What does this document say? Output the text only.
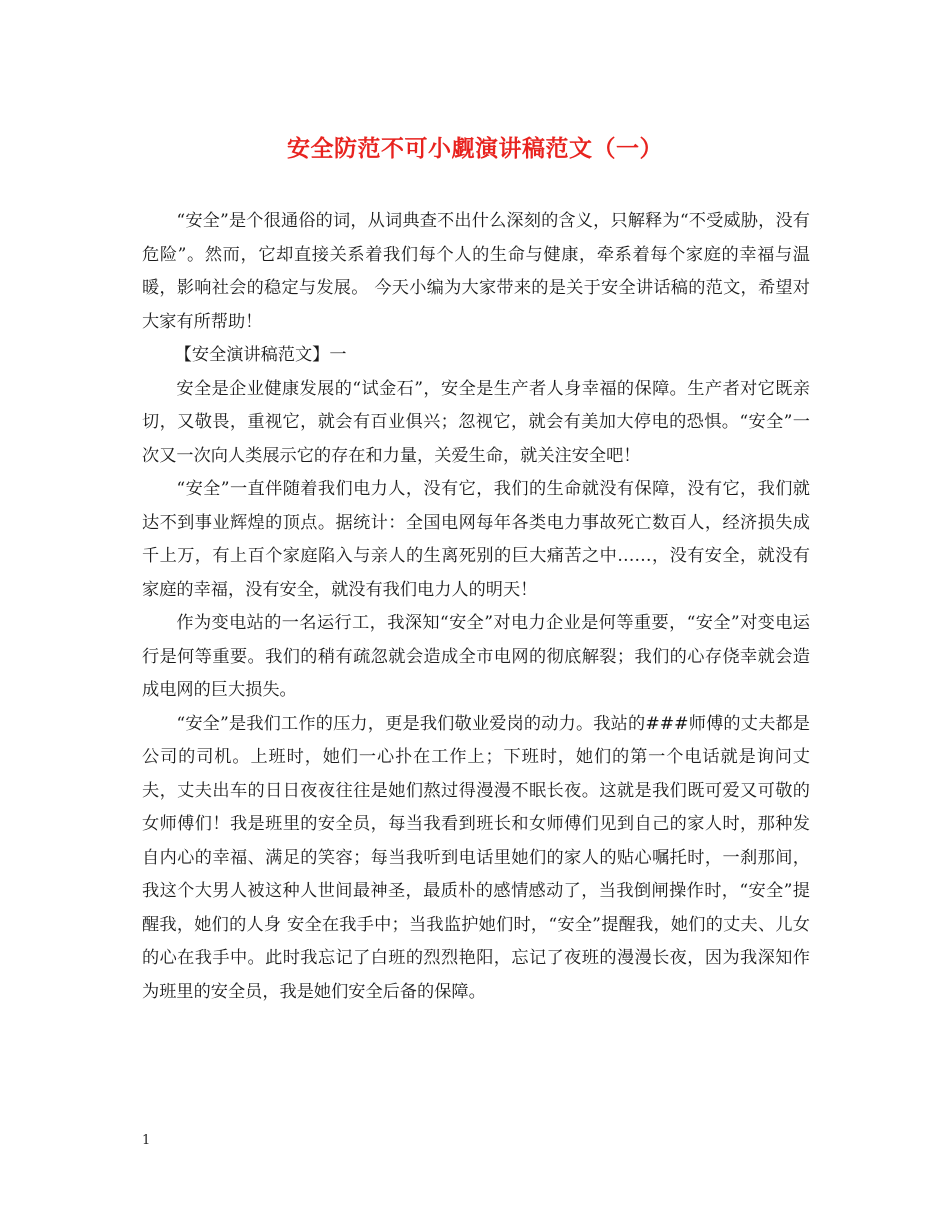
安全防范不可小觑演讲稿范文（一）

“安全”是个很通俗的词，从词典查不出什么深刻的含义，只解释为“不受威胁，没有危险”。然而，它却直接关系着我们每个人的生命与健康，牵系着每个家庭的幸福与温暖，影响社会的稳定与发展。 今天小编为大家带来的是关于安全讲话稿的范文，希望对大家有所帮助！

【安全演讲稿范文】一

安全是企业健康发展的“试金石”，安全是生产者人身幸福的保障。生产者对它既亲切，又敬畏，重视它，就会有百业俱兴；忽视它，就会有美加大停电的恐惧。“安全”一次又一次向人类展示它的存在和力量，关爱生命，就关注安全吧！

“安全”一直伴随着我们电力人，没有它，我们的生命就没有保障，没有它，我们就达不到事业辉煌的顶点。据统计：全国电网每年各类电力事故死亡数百人，经济损失成千上万，有上百个家庭陷入与亲人的生离死别的巨大痛苦之中……，没有安全，就没有家庭的幸福，没有安全，就没有我们电力人的明天！

作为变电站的一名运行工，我深知“安全”对电力企业是何等重要，“安全”对变电运行是何等重要。我们的稍有疏忽就会造成全市电网的彻底解裂；我们的心存侥幸就会造成电网的巨大损失。

“安全”是我们工作的压力，更是我们敬业爱岗的动力。我站的###师傅的丈夫都是公司的司机。上班时，她们一心扑在工作上；下班时，她们的第一个电话就是询问丈夫，丈夫出车的日日夜夜往往是她们熬过得漫漫不眠长夜。这就是我们既可爱又可敬的女师傅们！我是班里的安全员，每当我看到班长和女师傅们见到自己的家人时，那种发自内心的幸福、满足的笑容；每当我听到电话里她们的家人的贴心嘱托时，一刹那间，我这个大男人被这种人世间最神圣，最质朴的感情感动了，当我倒闸操作时，“安全”提醒我，她们的人身 安全在我手中；当我监护她们时，“安全”提醒我，她们的丈夫、儿女的心在我手中。此时我忘记了白班的烈烈艳阳，忘记了夜班的漫漫长夜，因为我深知作为班里的安全员，我是她们安全后备的保障。

1
